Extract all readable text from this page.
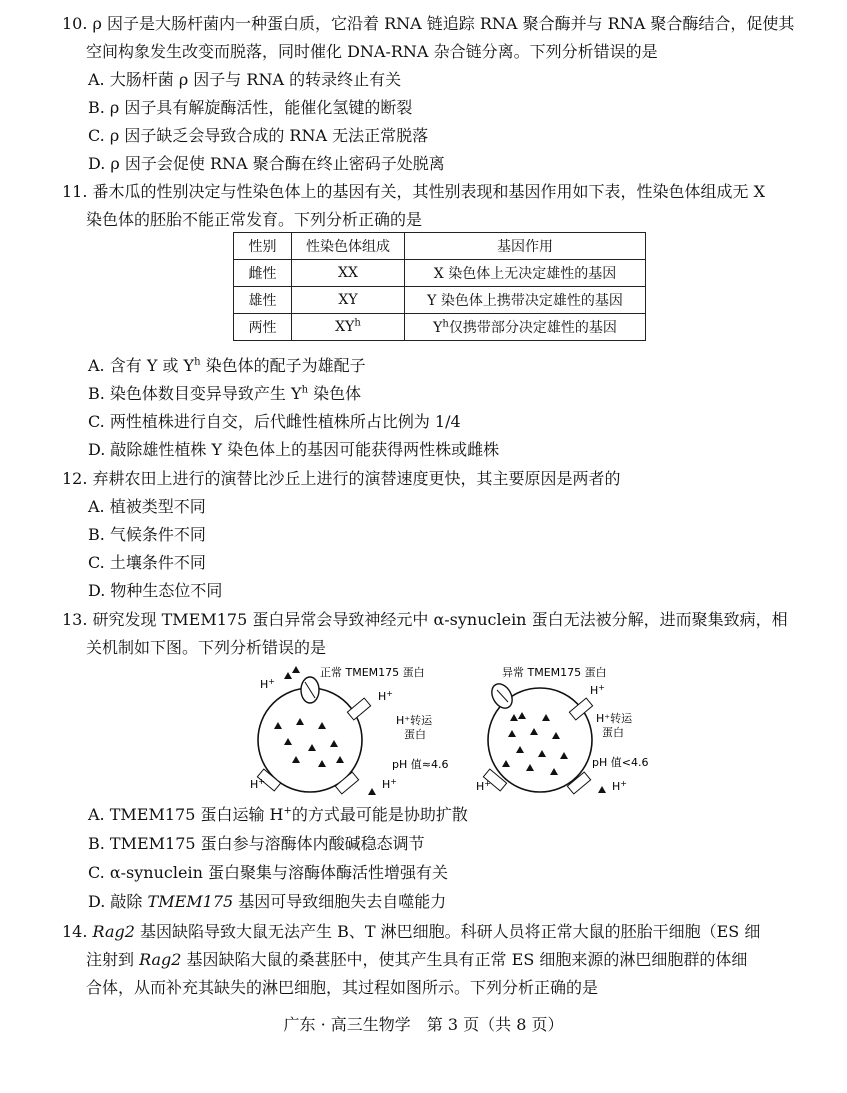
10. ρ 因子是大肠杆菌内一种蛋白质，它沿着 RNA 链追踪 RNA 聚合酶并与 RNA 聚合酶结合，促使其
空间构象发生改变而脱落，同时催化 DNA-RNA 杂合链分离。下列分析错误的是
A. 大肠杆菌 ρ 因子与 RNA 的转录终止有关
B. ρ 因子具有解旋酶活性，能催化氢键的断裂
C. ρ 因子缺乏会导致合成的 RNA 无法正常脱落
D. ρ 因子会促使 RNA 聚合酶在终止密码子处脱离
11. 番木瓜的性别决定与性染色体上的基因有关，其性别表现和基因作用如下表，性染色体组成无 X
染色体的胚胎不能正常发育。下列分析正确的是
性别	性染色体组成	基因作用
雌性	XX	X 染色体上无决定雄性的基因
雄性	XY	Y 染色体上携带决定雄性的基因
两性	$XY^h$	$Y^h$仅携带部分决定雄性的基因
A. 含有 Y 或 $Y^h$ 染色体的配子为雄配子
B. 染色体数目变异导致产生 $Y^h$ 染色体
C. 两性植株进行自交，后代雌性植株所占比例为 1/4
D. 敲除雄性植株 Y 染色体上的基因可能获得两性株或雌株
12. 弃耕农田上进行的演替比沙丘上进行的演替速度更快，其主要原因是两者的
A. 植被类型不同
B. 气候条件不同
C. 土壤条件不同
D. 物种生态位不同
13. 研究发现 TMEM175 蛋白异常会导致神经元中 α-synuclein 蛋白无法被分解，进而聚集致病，相
关机制如下图。下列分析错误的是
正常 TMEM175 蛋白
H+
H+
H⁺转运
蛋白
pH 值≈4.6
H+	H+
异常 TMEM175 蛋白
H+
H⁺转运
蛋白
pH 值<4.6
H+	H+
A. TMEM175 蛋白运输 H+的方式最可能是协助扩散
B. TMEM175 蛋白参与溶酶体内酸碱稳态调节
C. α-synuclein 蛋白聚集与溶酶体酶活性增强有关
D. 敲除 TMEM175 基因可导致细胞失去自噬能力
14. Rag2 基因缺陷导致大鼠无法产生 B、T 淋巴细胞。科研人员将正常大鼠的胚胎干细胞（ES 细
注射到 Rag2 基因缺陷大鼠的桑葚胚中，使其产生具有正常 ES 细胞来源的淋巴细胞群的体细
合体，从而补充其缺失的淋巴细胞，其过程如图所示。下列分析正确的是
广东 · 高三生物学　第 3 页（共 8 页）
